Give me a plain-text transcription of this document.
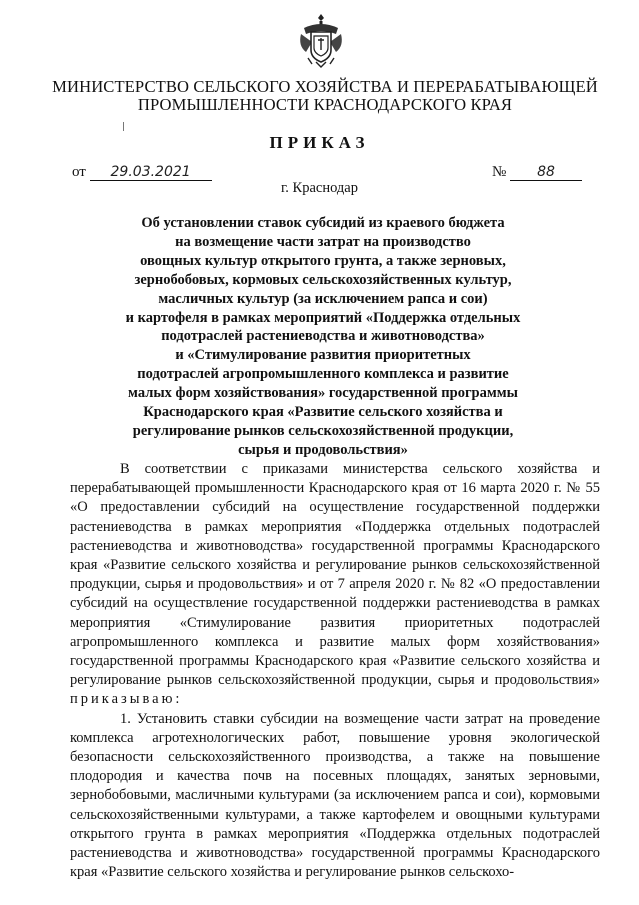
МИНИСТЕРСТВО СЕЛЬСКОГО ХОЗЯЙСТВА И ПЕРЕРАБАТЫВАЮЩЕЙ
ПРОМЫШЛЕННОСТИ КРАСНОДАРСКОГО КРАЯ
ПРИКАЗ
от 29.03.2021	№ 88
г. Краснодар
Об установлении ставок субсидий из краевого бюджета
на возмещение части затрат на производство
овощных культур открытого грунта, а также зерновых,
зернобобовых, кормовых сельскохозяйственных культур,
масличных культур (за исключением рапса и сои)
и картофеля в рамках мероприятий «Поддержка отдельных
подотраслей растениеводства и животноводства»
и «Стимулирование развития приоритетных
подотраслей агропромышленного комплекса и развитие
малых форм хозяйствования» государственной программы
Краснодарского края «Развитие сельского хозяйства и
регулирование рынков сельскохозяйственной продукции,
сырья и продовольствия»

В соответствии с приказами министерства сельского хозяйства и перерабатывающей промышленности Краснодарского края от 16 марта 2020 г. № 55 «О предоставлении субсидий на осуществление государственной поддержки растениеводства в рамках мероприятия «Поддержка отдельных подотраслей растениеводства и животноводства» государственной программы Краснодарского края «Развитие сельского хозяйства и регулирование рынков сельскохозяйственной продукции, сырья и продовольствия» и от 7 апреля 2020 г. № 82 «О предоставлении субсидий на осуществление государственной поддержки растениеводства в рамках мероприятия «Стимулирование развития приоритетных подотраслей агропромышленного комплекса и развитие малых форм хозяйствования» государственной программы Краснодарского края «Развитие сельского хозяйства и регулирование рынков сельскохозяйственной продукции, сырья и продовольствия» приказываю:

1. Установить ставки субсидии на возмещение части затрат на проведение комплекса агротехнологических работ, повышение уровня экологической безопасности сельскохозяйственного производства, а также на повышение плодородия и качества почв на посевных площадях, занятых зерновыми, зернобобовыми, масличными культурами (за исключением рапса и сои), кормовыми сельскохозяйственными культурами, а также картофелем и овощными культурами открытого грунта в рамках мероприятия «Поддержка отдельных подотраслей растениеводства и животноводства» государственной программы Краснодарского края «Развитие сельского хозяйства и регулирование рынков сельскохо-
